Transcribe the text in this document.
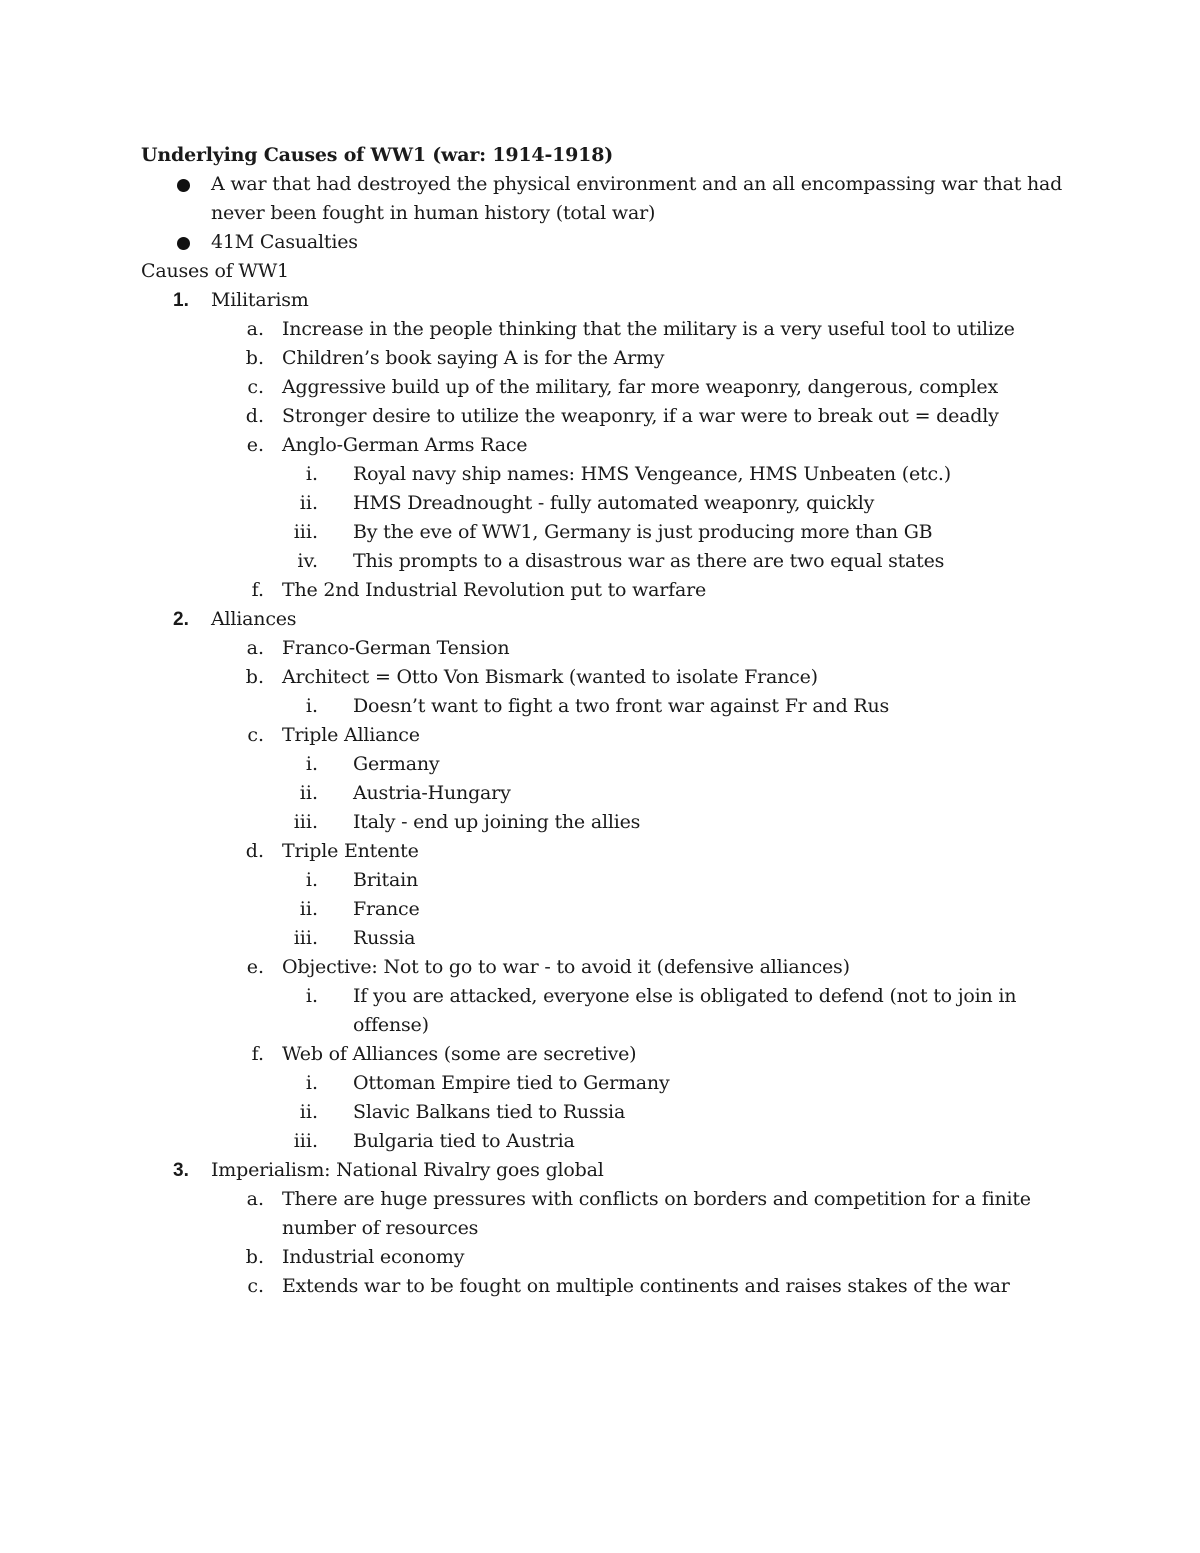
Underlying Causes of WW1 (war: 1914-1918)
A war that had destroyed the physical environment and an all encompassing war that had
never been fought in human history (total war)
41M Casualties
Causes of WW1
1. Militarism
a. Increase in the people thinking that the military is a very useful tool to utilize
b. Children’s book saying A is for the Army
c. Aggressive build up of the military, far more weaponry, dangerous, complex
d. Stronger desire to utilize the weaponry, if a war were to break out = deadly
e. Anglo-German Arms Race
i. Royal navy ship names: HMS Vengeance, HMS Unbeaten (etc.)
ii. HMS Dreadnought - fully automated weaponry, quickly
iii. By the eve of WW1, Germany is just producing more than GB
iv. This prompts to a disastrous war as there are two equal states
f. The 2nd Industrial Revolution put to warfare
2. Alliances
a. Franco-German Tension
b. Architect = Otto Von Bismark (wanted to isolate France)
i. Doesn’t want to fight a two front war against Fr and Rus
c. Triple Alliance
i. Germany
ii. Austria-Hungary
iii. Italy - end up joining the allies
d. Triple Entente
i. Britain
ii. France
iii. Russia
e. Objective: Not to go to war - to avoid it (defensive alliances)
i. If you are attacked, everyone else is obligated to defend (not to join in
offense)
f. Web of Alliances (some are secretive)
i. Ottoman Empire tied to Germany
ii. Slavic Balkans tied to Russia
iii. Bulgaria tied to Austria
3. Imperialism: National Rivalry goes global
a. There are huge pressures with conflicts on borders and competition for a finite
number of resources
b. Industrial economy
c. Extends war to be fought on multiple continents and raises stakes of the war
